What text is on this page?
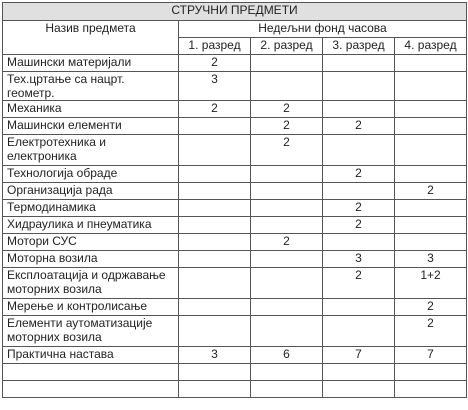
СТРУЧНИ ПРЕДМЕТИ				
Назив предмета	Недељни фонд часова			
	1. разред	2. разред	3. разред	4. разред
Машински материјали	2			
Тех.цртање са нацрт. геометр.	3			
Механика	2	2		
Машински елементи		2	2	
Електротехника и електроника		2		
Технологија обраде			2	
Организација рада				2
Термодинамика			2	
Хидраулика и пнеуматика			2	
Мотори СУС		2		
Моторна возила			3	3
Експлоатација и одржавање моторних возила			2	1+2
Мерење и контролисање				2
Елементи аутоматизације моторних возила				2
Практична настава	3	6	7	7
